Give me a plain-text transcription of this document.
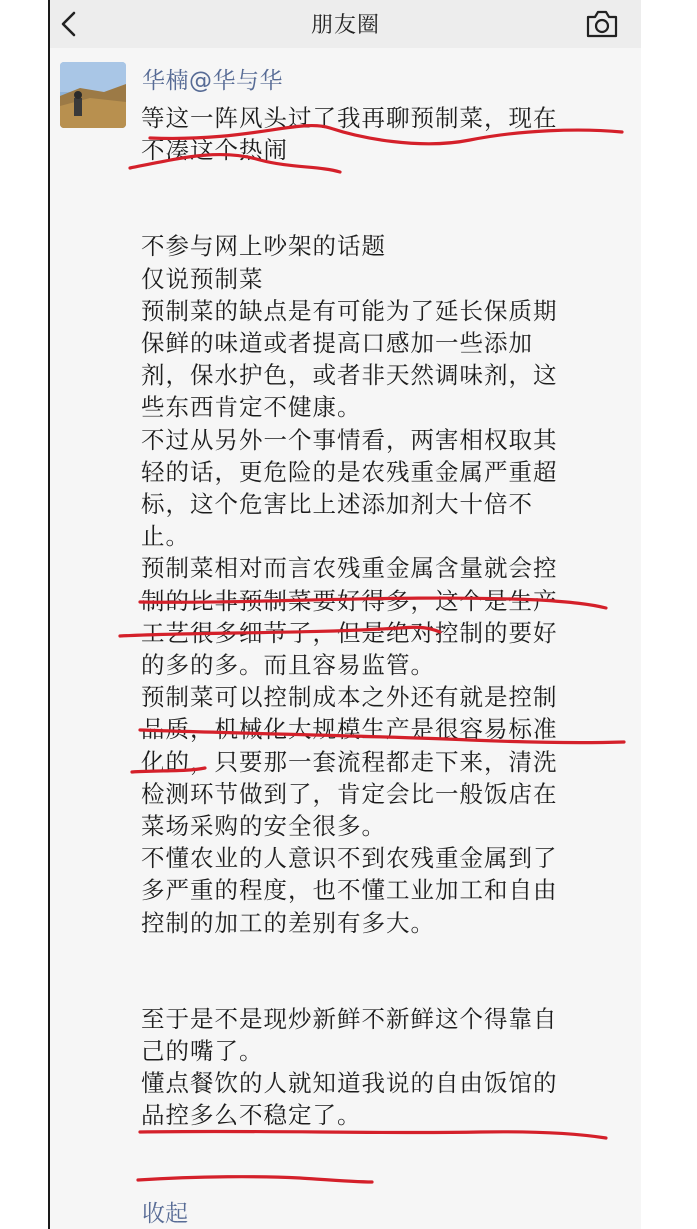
朋友圈
华楠@华与华

等这一阵风头过了我再聊预制菜，现在
不凑这个热闹

不参与网上吵架的话题
仅说预制菜
预制菜的缺点是有可能为了延长保质期
保鲜的味道或者提高口感加一些添加
剂，保水护色，或者非天然调味剂，这
些东西肯定不健康。
不过从另外一个事情看，两害相权取其
轻的话，更危险的是农残重金属严重超
标，这个危害比上述添加剂大十倍不
止。
预制菜相对而言农残重金属含量就会控
制的比非预制菜要好得多，这个是生产
工艺很多细节了，但是绝对控制的要好
的多的多。而且容易监管。
预制菜可以控制成本之外还有就是控制
品质，机械化大规模生产是很容易标准
化的，只要那一套流程都走下来，清洗
检测环节做到了，肯定会比一般饭店在
菜场采购的安全很多。
不懂农业的人意识不到农残重金属到了
多严重的程度，也不懂工业加工和自由
控制的加工的差别有多大。

至于是不是现炒新鲜不新鲜这个得靠自
己的嘴了。
懂点餐饮的人就知道我说的自由饭馆的
品控多么不稳定了。

收起
